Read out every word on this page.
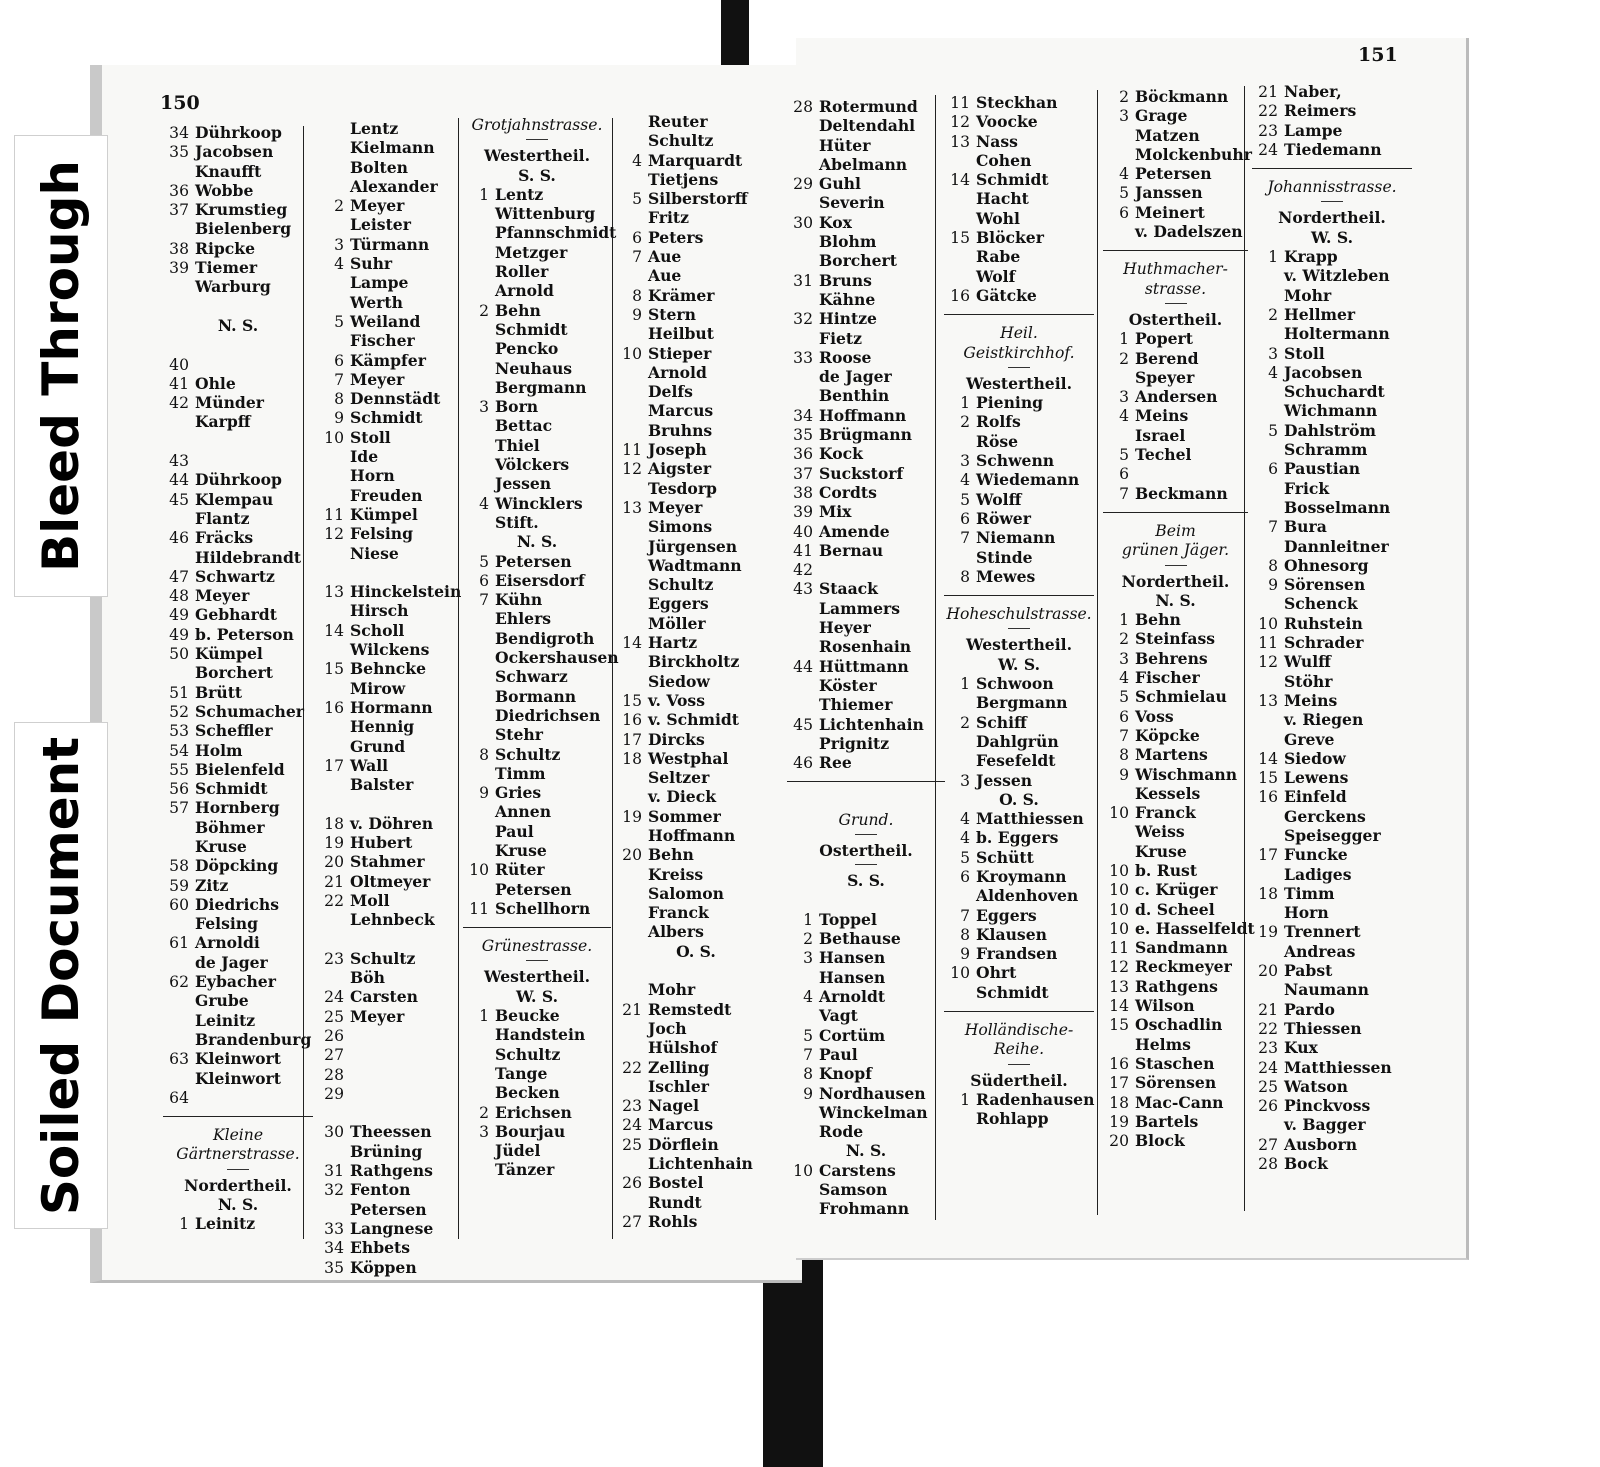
150
151
34 Dührkoop
35 Jacobsen
Knaufft
36 Wobbe
37 Krumstieg
Bielenberg
38 Ripcke
39 Tiemer
Warburg
N. S.
40
41 Ohle
42 Münder
Karpff
43
44 Dührkoop
45 Klempau
Flantz
46 Fräcks
Hildebrandt
47 Schwartz
48 Meyer
49 Gebhardt
49 b. Peterson
50 Kümpel
Borchert
51 Brütt
52 Schumacher
53 Scheffler
54 Holm
55 Bielenfeld
56 Schmidt
57 Hornberg
Böhmer
Kruse
58 Döpcking
59 Zitz
60 Diedrichs
Felsing
61 Arnoldi
de Jager
62 Eybacher
Grube
Leinitz
Brandenburg
63 Kleinwort
Kleinwort
64
Kleine
Gärtnerstrasse.
Nordertheil.
N. S.
1 Leinitz
Lentz
Kielmann
Bolten
Alexander
2 Meyer
Leister
3 Türmann
4 Suhr
Lampe
Werth
5 Weiland
Fischer
6 Kämpfer
7 Meyer
8 Dennstädt
9 Schmidt
10 Stoll
Ide
Horn
Freuden
11 Kümpel
12 Felsing
Niese
13 Hinckelstein
Hirsch
14 Scholl
Wilckens
15 Behncke
Mirow
16 Hormann
Hennig
Grund
17 Wall
Balster
18 v. Döhren
19 Hubert
20 Stahmer
21 Oltmeyer
22 Moll
Lehnbeck
23 Schultz
Böh
24 Carsten
25 Meyer
26
27
28
29
30 Theessen
Brüning
31 Rathgens
32 Fenton
Petersen
33 Langnese
34 Ehbets
35 Köppen
Grotjahnstrasse.
Westertheil.
S. S.
1 Lentz
Wittenburg
Pfannschmidt
Metzger
Roller
Arnold
2 Behn
Schmidt
Pencko
Neuhaus
Bergmann
3 Born
Bettac
Thiel
Völckers
Jessen
4 Wincklers
Stift.
N. S.
5 Petersen
6 Eisersdorf
7 Kühn
Ehlers
Bendigroth
Ockershausen
Schwarz
Bormann
Diedrichsen
Stehr
8 Schultz
Timm
9 Gries
Annen
Paul
Kruse
10 Rüter
Petersen
11 Schellhorn
Grünestrasse.
Westertheil.
W. S.
1 Beucke
Handstein
Schultz
Tange
Becken
2 Erichsen
3 Bourjau
Jüdel
Tänzer
Reuter
Schultz
4 Marquardt
Tietjens
5 Silberstorff
Fritz
6 Peters
7 Aue
Aue
8 Krämer
9 Stern
Heilbut
10 Stieper
Arnold
Delfs
Marcus
Bruhns
11 Joseph
12 Aigster
Tesdorp
13 Meyer
Simons
Jürgensen
Wadtmann
Schultz
Eggers
Möller
14 Hartz
Birckholtz
Siedow
15 v. Voss
16 v. Schmidt
17 Dircks
18 Westphal
Seltzer
v. Dieck
19 Sommer
Hoffmann
20 Behn
Kreiss
Salomon
Franck
Albers
O. S.
Mohr
21 Remstedt
Joch
Hülshof
22 Zelling
Ischler
23 Nagel
24 Marcus
25 Dörflein
Lichtenhain
26 Bostel
Rundt
27 Rohls
28 Rotermund
Deltendahl
Hüter
Abelmann
29 Guhl
Severin
30 Kox
Blohm
Borchert
31 Bruns
Kähne
32 Hintze
Fietz
33 Roose
de Jager
Benthin
34 Hoffmann
35 Brügmann
36 Kock
37 Suckstorf
38 Cordts
39 Mix
40 Amende
41 Bernau
42
43 Staack
Lammers
Heyer
Rosenhain
44 Hüttmann
Köster
Thiemer
45 Lichtenhain
Prignitz
46 Ree
Grund.
Ostertheil.
S. S.
1 Toppel
2 Bethause
3 Hansen
Hansen
4 Arnoldt
Vagt
5 Cortüm
7 Paul
8 Knopf
9 Nordhausen
Winckelman
Rode
N. S.
10 Carstens
Samson
Frohmann
11 Steckhan
12 Voocke
13 Nass
Cohen
14 Schmidt
Hacht
Wohl
15 Blöcker
Rabe
Wolf
16 Gätcke
Heil.
Geistkirchhof.
Westertheil.
1 Piening
2 Rolfs
Röse
3 Schwenn
4 Wiedemann
5 Wolff
6 Röwer
7 Niemann
Stinde
8 Mewes
Hoheschulstrasse.
Westertheil.
W. S.
1 Schwoon
Bergmann
2 Schiff
Dahlgrün
Fesefeldt
3 Jessen
O. S.
4 Matthiessen
4 b. Eggers
5 Schütt
6 Kroymann
Aldenhoven
7 Eggers
8 Klausen
9 Frandsen
10 Ohrt
Schmidt
Holländische-
Reihe.
Südertheil.
1 Radenhausen
Rohlapp
2 Böckmann
3 Grage
Matzen
Molckenbuhr
4 Petersen
5 Janssen
6 Meinert
v. Dadelszen
Huthmacher-
strasse.
Ostertheil.
1 Popert
2 Berend
Speyer
3 Andersen
4 Meins
Israel
5 Techel
6
7 Beckmann
Beim
grünen Jäger.
Nordertheil.
N. S.
1 Behn
2 Steinfass
3 Behrens
4 Fischer
5 Schmielau
6 Voss
7 Köpcke
8 Martens
9 Wischmann
Kessels
10 Franck
Weiss
Kruse
10 b. Rust
10 c. Krüger
10 d. Scheel
10 e. Hasselfeldt
11 Sandmann
12 Reckmeyer
13 Rathgens
14 Wilson
15 Oschadlin
Helms
16 Staschen
17 Sörensen
18 Mac-Cann
19 Bartels
20 Block
21 Naber,
22 Reimers
23 Lampe
24 Tiedemann
Johannisstrasse.
Nordertheil.
W. S.
1 Krapp
v. Witzleben
Mohr
2 Hellmer
Holtermann
3 Stoll
4 Jacobsen
Schuchardt
Wichmann
5 Dahlström
Schramm
6 Paustian
Frick
Bosselmann
7 Bura
Dannleitner
8 Ohnesorg
9 Sörensen
Schenck
10 Ruhstein
11 Schrader
12 Wulff
Stöhr
13 Meins
v. Riegen
Greve
14 Siedow
15 Lewens
16 Einfeld
Gerckens
Speisegger
17 Funcke
Ladiges
18 Timm
Horn
19 Trennert
Andreas
20 Pabst
Naumann
21 Pardo
22 Thiessen
23 Kux
24 Matthiessen
25 Watson
26 Pinckvoss
v. Bagger
27 Ausborn
28 Bock
Bleed Through
Soiled Document
